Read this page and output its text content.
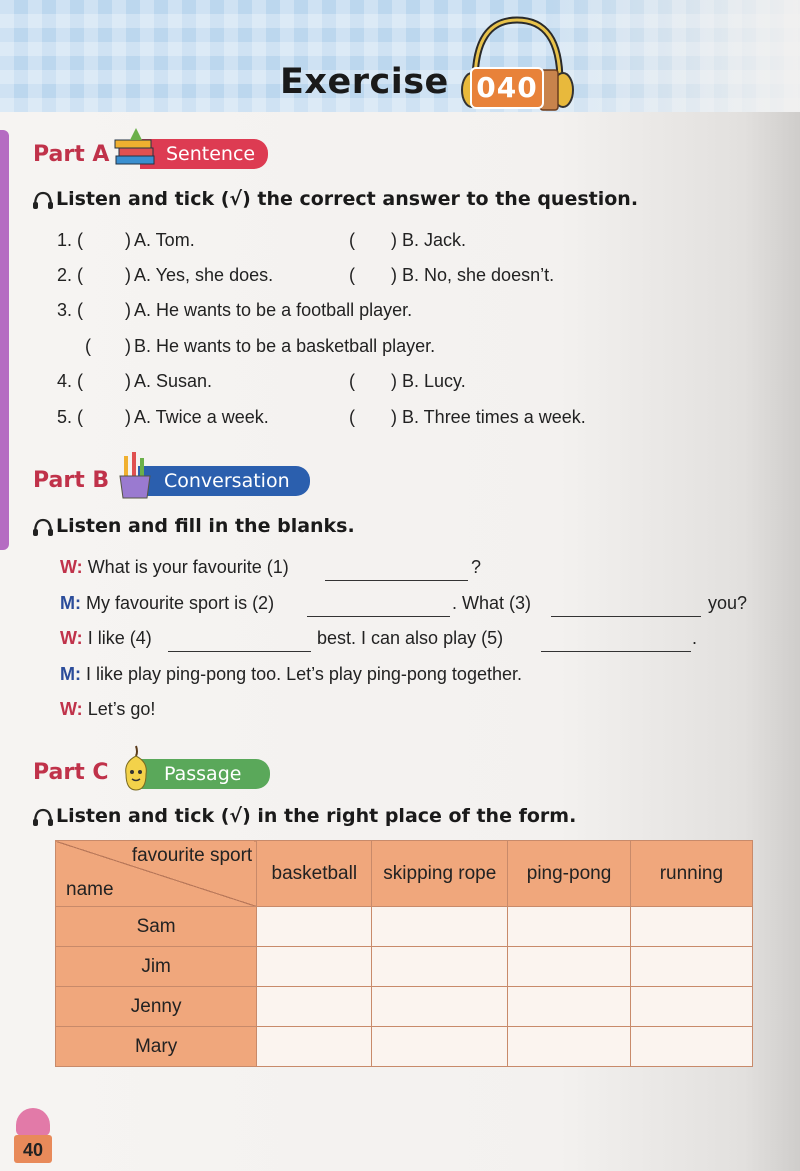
Exercise 040
Part A	Sentence
Listen and tick (√) the correct answer to the question.
1. ( ) A. Tom.	( ) B. Jack.
2. ( ) A. Yes, she does.	( ) B. No, she doesn’t.
3. ( ) A. He wants to be a football player.
( ) B. He wants to be a basketball player.
4. ( ) A. Susan.	( ) B. Lucy.
5. ( ) A. Twice a week.	( ) B. Three times a week.
Part B	Conversation
Listen and fill in the blanks.
W: What is your favourite (1)	?
M: My favourite sport is (2)	. What (3)	you?
W: I like (4)	best. I can also play (5)	.
M: I like play ping-pong too. Let’s play ping-pong together.
W: Let’s go!
Part C	Passage
Listen and tick (√) in the right place of the form.
favourite sport
name	basketball	skipping rope	ping-pong	running
Sam				
Jim				
Jenny				
Mary				
40
